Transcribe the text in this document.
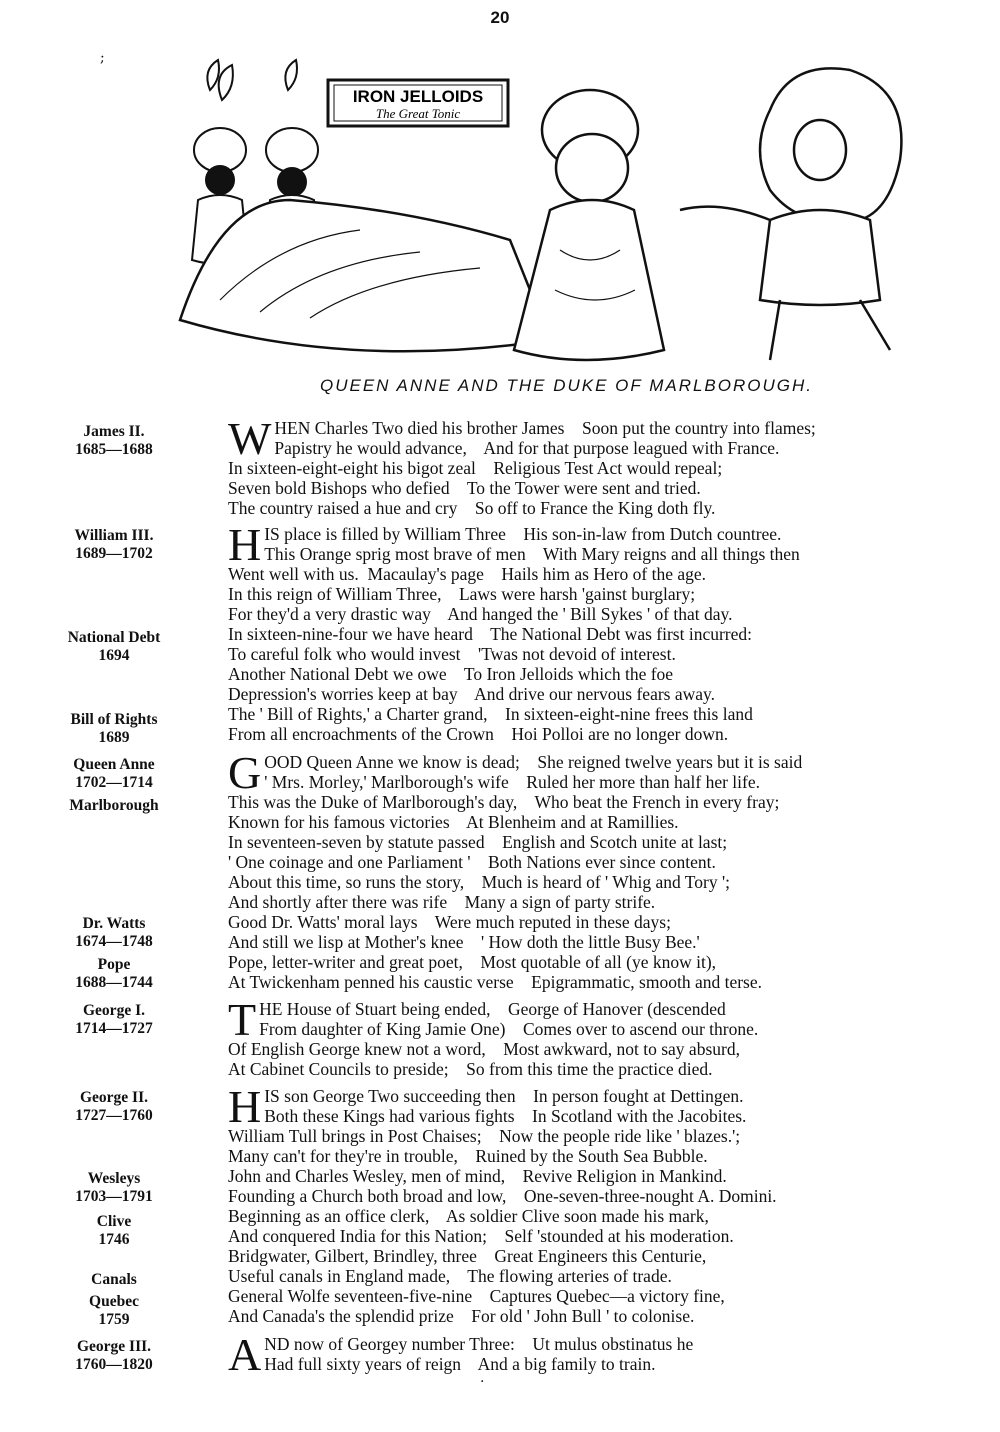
20
;
IRON JELLOIDS
The Great Tonic
QUEEN ANNE AND THE DUKE OF MARLBOROUGH.
James II.
1685—1688
William III.
1689—1702
National Debt
1694
Bill of Rights
1689
Queen Anne
1702—1714
Marlborough
Dr. Watts
1674—1748
Pope
1688—1744
George I.
1714—1727
George II.
1727—1760
Wesleys
1703—1791
Clive
1746
Canals
Quebec
1759
George III.
1760—1820
W HEN Charles Two died his brother James    Soon put the country into flames;
Papistry he would advance,    And for that purpose leagued with France.
In sixteen-eight-eight his bigot zeal    Religious Test Act would repeal;
Seven bold Bishops who defied    To the Tower were sent and tried.
The country raised a hue and cry    So off to France the King doth fly.
H IS place is filled by William Three    His son-in-law from Dutch countree.
This Orange sprig most brave of men    With Mary reigns and all things then
Went well with us.  Macaulay's page    Hails him as Hero of the age.
In this reign of William Three,    Laws were harsh 'gainst burglary;
For they'd a very drastic way    And hanged the ' Bill Sykes ' of that day.
In sixteen-nine-four we have heard    The National Debt was first incurred:
To careful folk who would invest    'Twas not devoid of interest.
Another National Debt we owe    To Iron Jelloids which the foe
Depression's worries keep at bay    And drive our nervous fears away.
The ' Bill of Rights,' a Charter grand,    In sixteen-eight-nine frees this land
From all encroachments of the Crown    Hoi Polloi are no longer down.
G OOD Queen Anne we know is dead;    She reigned twelve years but it is said
' Mrs. Morley,' Marlborough's wife    Ruled her more than half her life.
This was the Duke of Marlborough's day,    Who beat the French in every fray;
Known for his famous victories    At Blenheim and at Ramillies.
In seventeen-seven by statute passed    English and Scotch unite at last;
' One coinage and one Parliament '    Both Nations ever since content.
About this time, so runs the story,    Much is heard of ' Whig and Tory ';
And shortly after there was rife    Many a sign of party strife.
Good Dr. Watts' moral lays    Were much reputed in these days;
And still we lisp at Mother's knee    ' How doth the little Busy Bee.'
Pope, letter-writer and great poet,    Most quotable of all (ye know it),
At Twickenham penned his caustic verse    Epigrammatic, smooth and terse.
T HE House of Stuart being ended,    George of Hanover (descended
From daughter of King Jamie One)    Comes over to ascend our throne.
Of English George knew not a word,    Most awkward, not to say absurd,
At Cabinet Councils to preside;    So from this time the practice died.
H IS son George Two succeeding then    In person fought at Dettingen.
Both these Kings had various fights    In Scotland with the Jacobites.
William Tull brings in Post Chaises;    Now the people ride like ' blazes.';
Many can't for they're in trouble,    Ruined by the South Sea Bubble.
John and Charles Wesley, men of mind,    Revive Religion in Mankind.
Founding a Church both broad and low,    One-seven-three-nought A. Domini.
Beginning as an office clerk,    As soldier Clive soon made his mark,
And conquered India for this Nation;    Self 'stounded at his moderation.
Bridgwater, Gilbert, Brindley, three    Great Engineers this Centurie,
Useful canals in England made,    The flowing arteries of trade.
General Wolfe seventeen-five-nine    Captures Quebec—a victory fine,
And Canada's the splendid prize    For old ' John Bull ' to colonise.
A ND now of Georgey number Three:    Ut mulus obstinatus he
Had full sixty years of reign    And a big family to train.
·
